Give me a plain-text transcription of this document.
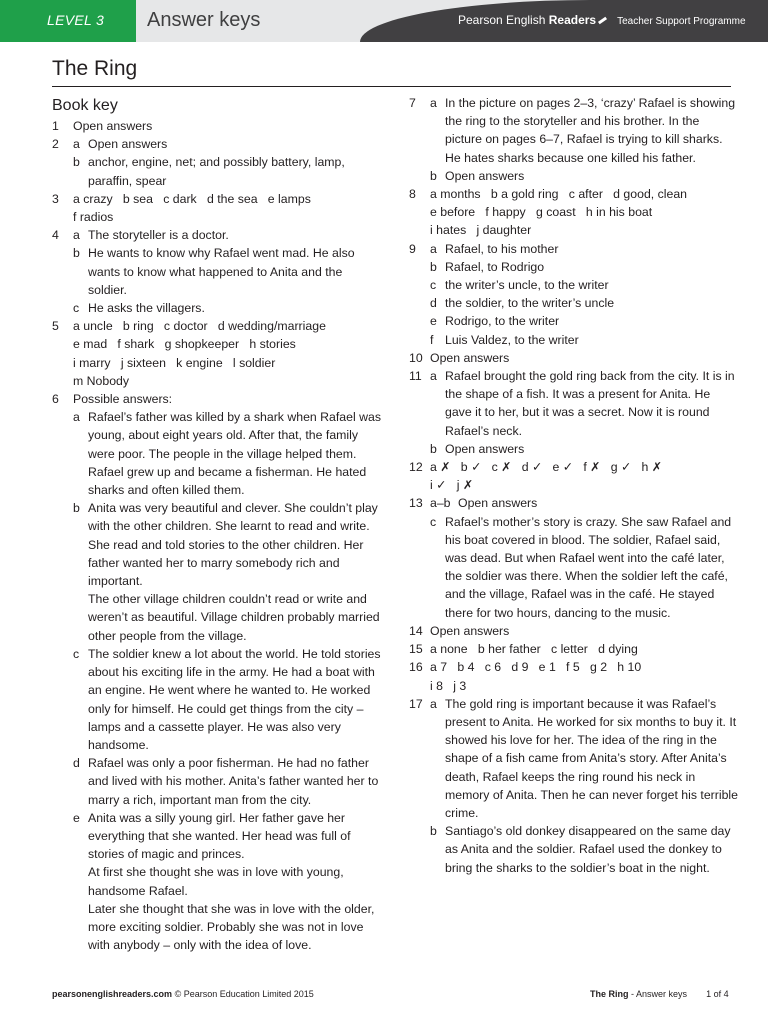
LEVEL 3 Answer keys	Pearson English Readers Teacher Support Programme
The Ring
Book key
1	Open answers
2	a Open answers
b anchor, engine, net; and possibly battery, lamp, paraffin, spear
3	a crazy   b sea   c dark   d the sea   e lamps
f radios
4	a The storyteller is a doctor.
b He wants to know why Rafael went mad. He also wants to know what happened to Anita and the soldier.
c He asks the villagers.
5	a uncle   b ring   c doctor   d wedding/marriage
e mad   f shark   g shopkeeper   h stories
i marry   j sixteen   k engine   l soldier
m Nobody
6	Possible answers:
a Rafael’s father was killed by a shark when Rafael was young, about eight years old. After that, the family were poor. The people in the village helped them. Rafael grew up and became a fisherman. He hated sharks and often killed them.
b Anita was very beautiful and clever. She couldn’t play with the other children. She learnt to read and write. She read and told stories to the other children. Her father wanted her to marry somebody rich and important.
The other village children couldn’t read or write and weren’t as beautiful. Village children probably married other people from the village.
c The soldier knew a lot about the world. He told stories about his exciting life in the army. He had a boat with an engine. He went where he wanted to. He worked only for himself. He could get things from the city – lamps and a cassette player. He was also very handsome.
d Rafael was only a poor fisherman. He had no father and lived with his mother. Anita’s father wanted her to marry a rich, important man from the city.
e Anita was a silly young girl. Her father gave her everything that she wanted. Her head was full of stories of magic and princes.
At first she thought she was in love with young, handsome Rafael.
Later she thought that she was in love with the older, more exciting soldier. Probably she was not in love with anybody – only with the idea of love.
7	a In the picture on pages 2–3, ‘crazy’ Rafael is showing the ring to the storyteller and his brother. In the picture on pages 6–7, Rafael is trying to kill sharks. He hates sharks because one killed his father.
b Open answers
8	a months   b a gold ring   c after   d good, clean
e before   f happy   g coast   h in his boat
i hates   j daughter
9	a Rafael, to his mother
b Rafael, to Rodrigo
c the writer’s uncle, to the writer
d the soldier, to the writer’s uncle
e Rodrigo, to the writer
f Luis Valdez, to the writer
10 Open answers
11 a Rafael brought the gold ring back from the city. It is in the shape of a fish. It was a present for Anita. He gave it to her, but it was a secret. Now it is round Rafael’s neck.
b Open answers
12 a ✗   b ✓   c ✗   d ✓   e ✓   f ✗   g ✓   h ✗
i ✓   j ✗
13 a–b Open answers
c Rafael’s mother’s story is crazy. She saw Rafael and his boat covered in blood. The soldier, Rafael said, was dead. But when Rafael went into the café later, the soldier was there. When the soldier left the café, and the village, Rafael was in the café. He stayed there for two hours, dancing to the music.
14 Open answers
15 a none   b her father   c letter   d dying
16 a 7   b 4   c 6   d 9   e 1   f 5   g 2   h 10
i 8   j 3
17 a The gold ring is important because it was Rafael’s present to Anita. He worked for six months to buy it. It showed his love for her. The idea of the ring in the shape of a fish came from Anita’s story. After Anita’s death, Rafael keeps the ring round his neck in memory of Anita. Then he can never forget his terrible crime.
b Santiago’s old donkey disappeared on the same day as Anita and the soldier. Rafael used the donkey to bring the sharks to the soldier’s boat in the night.
pearsonenglishreaders.com © Pearson Education Limited 2015	The Ring - Answer keys 1 of 4
